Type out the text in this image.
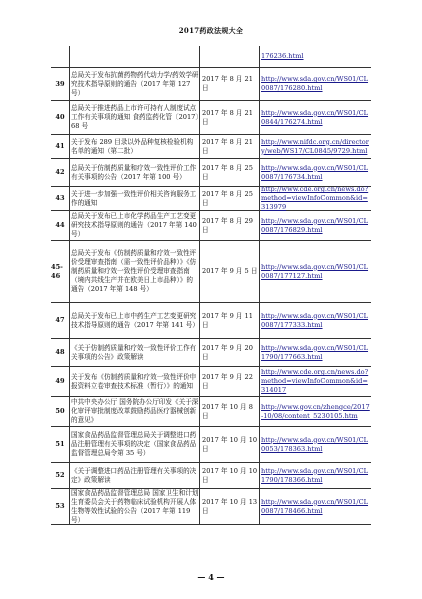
2017药政法规大全
176236.html
39
总局关于发布抗菌药物药代动力学/药效学研究技术指导原则的通告（2017 年第 127 号）
2017 年 8 月 21 日
http://www.sda.gov.cn/WS01/CL0087/176280.html
40
总局关于推进药品上市许可持有人制度试点工作有关事项的通知 食药监药化管〔2017〕68 号
2017 年 8 月 21 日
http://www.sda.gov.cn/WS01/CL0844/176274.html
41
关于发布 289 目录以外品种复核检验机构名单的通知（第二批）
2017 年 8 月 21 日
http://www.nifdc.org.cn/directory/web/WS17/CL0845/9729.html
42
总局关于仿制药质量和疗效一致性评价工作有关事项的公告（2017 年第 100 号）
2017 年 8 月 25 日
http://www.sda.gov.cn/WS01/CL0087/176734.html
43
关于进一步加强一致性评价相关咨询服务工作的通知
2017 年 8 月 25 日
http://www.cde.org.cn/news.do?method=viewInfoCommon&id=313979
44
总局关于发布已上市化学药品生产工艺变更研究技术指导原则的通告（2017 年第 140 号）
2017 年 8 月 29 日
http://www.sda.gov.cn/WS01/CL0087/176829.html
45-46
总局关于发布《仿制药质量和疗效一致性评价受理审查指南（需一致性评价品种）》《仿制药质量和疗效一致性评价受理审查指南（境内共线生产并在欧美日上市品种）》的通告（2017 年第 148 号）
2017 年 9 月 5 日
http://www.sda.gov.cn/WS01/CL0087/177127.html
47
总局关于发布已上市中药生产工艺变更研究技术指导原则的通告（2017 年第 141 号）
2017 年 9 月 11 日
http://www.sda.gov.cn/WS01/CL0087/177333.html
48
《关于仿制药质量和疗效一致性评价工作有关事项的公告》政策解读
2017 年 9 月 20 日
http://www.sda.gov.cn/WS01/CL1790/177663.html
49
关于发布《仿制药质量和疗效一致性评价申报资料立卷审查技术标准（暂行）》的通知
2017 年 9 月 22 日
http://www.cde.org.cn/news.do?method=viewInfoCommon&id=314017
50
中共中央办公厅 国务院办公厅印发《关于深化审评审批制度改革鼓励药品医疗器械创新的意见》
2017 年 10 月 8 日
http://www.gov.cn/zhengce/2017-10/08/content_5230105.htm
51
国家食品药品监督管理总局关于调整进口药品注册管理有关事项的决定（国家食品药品监督管理总局令第 35 号）
2017 年 10 月 10 日
http://www.sda.gov.cn/WS01/CL0053/178363.html
52
《关于调整进口药品注册管理有关事项的决定》政策解读
2017 年 10 月 10 日
http://www.sda.gov.cn/WS01/CL1790/178366.html
53
国家食品药品监督管理总局 国家卫生和计划生育委员会关于药物临床试验机构开展人体生物等效性试验的公告（2017 年第 119 号）
2017 年 10 月 13 日
http://www.sda.gov.cn/WS01/CL0087/178466.html
— 4 —
